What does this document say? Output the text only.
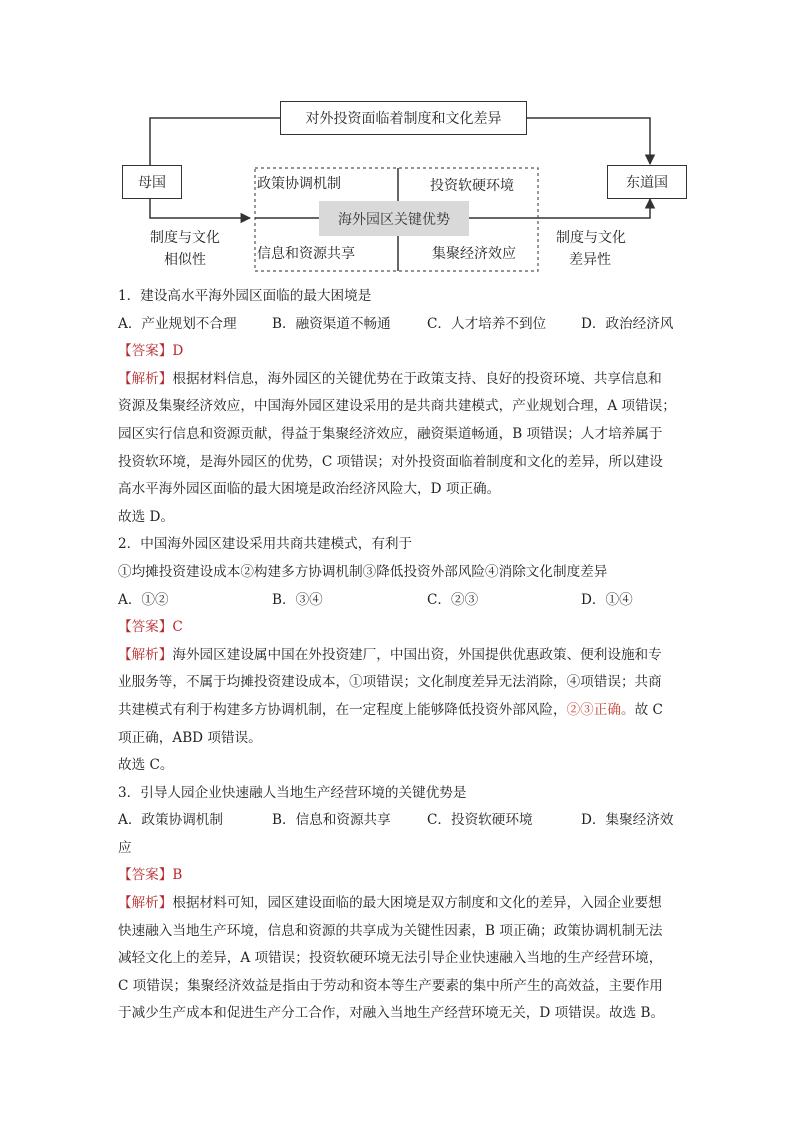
对外投资面临着制度和文化差异
母国	东道国
政策协调机制	投资软硬环境
信息和资源共享	集聚经济效应
海外园区关键优势
制度与文化
相似性
制度与文化
差异性
1．建设高水平海外园区面临的最大困境是
A．产业规划不合理	B．融资渠道不畅通	C．人才培养不到位	D．政治经济风
【答案】D
【解析】根据材料信息，海外园区的关键优势在于政策支持、良好的投资环境、共享信息和
资源及集聚经济效应，中国海外园区建设采用的是共商共建模式，产业规划合理，A 项错误；
园区实行信息和资源贡献，得益于集聚经济效应，融资渠道畅通，B 项错误；人才培养属于
投资软环境，是海外园区的优势，C 项错误；对外投资面临着制度和文化的差异，所以建设
高水平海外园区面临的最大困境是政治经济风险大，D 项正确。
故选 D。
2．中国海外园区建设采用共商共建模式，有利于
①均摊投资建设成本②构建多方协调机制③降低投资外部风险④消除文化制度差异
A．①②	B．③④	C．②③	D．①④
【答案】C
【解析】海外园区建设属中国在外投资建厂，中国出资，外国提供优惠政策、便利设施和专
业服务等，不属于均摊投资建设成本，①项错误；文化制度差异无法消除，④项错误；共商
共建模式有利于构建多方协调机制，在一定程度上能够降低投资外部风险，②③正确。故 C
项正确，ABD 项错误。
故选 C。
3．引导人园企业快速融人当地生产经营环境的关键优势是
A．政策协调机制	B．信息和资源共享	C．投资软硬环境	D．集聚经济效
应
【答案】B
【解析】根据材料可知，园区建设面临的最大困境是双方制度和文化的差异，入园企业要想
快速融入当地生产环境，信息和资源的共享成为关键性因素，B 项正确；政策协调机制无法
减轻文化上的差异，A 项错误；投资软硬环境无法引导企业快速融入当地的生产经营环境，
C 项错误；集聚经济效益是指由于劳动和资本等生产要素的集中所产生的高效益，主要作用
于减少生产成本和促进生产分工合作，对融入当地生产经营环境无关，D 项错误。故选 B。
